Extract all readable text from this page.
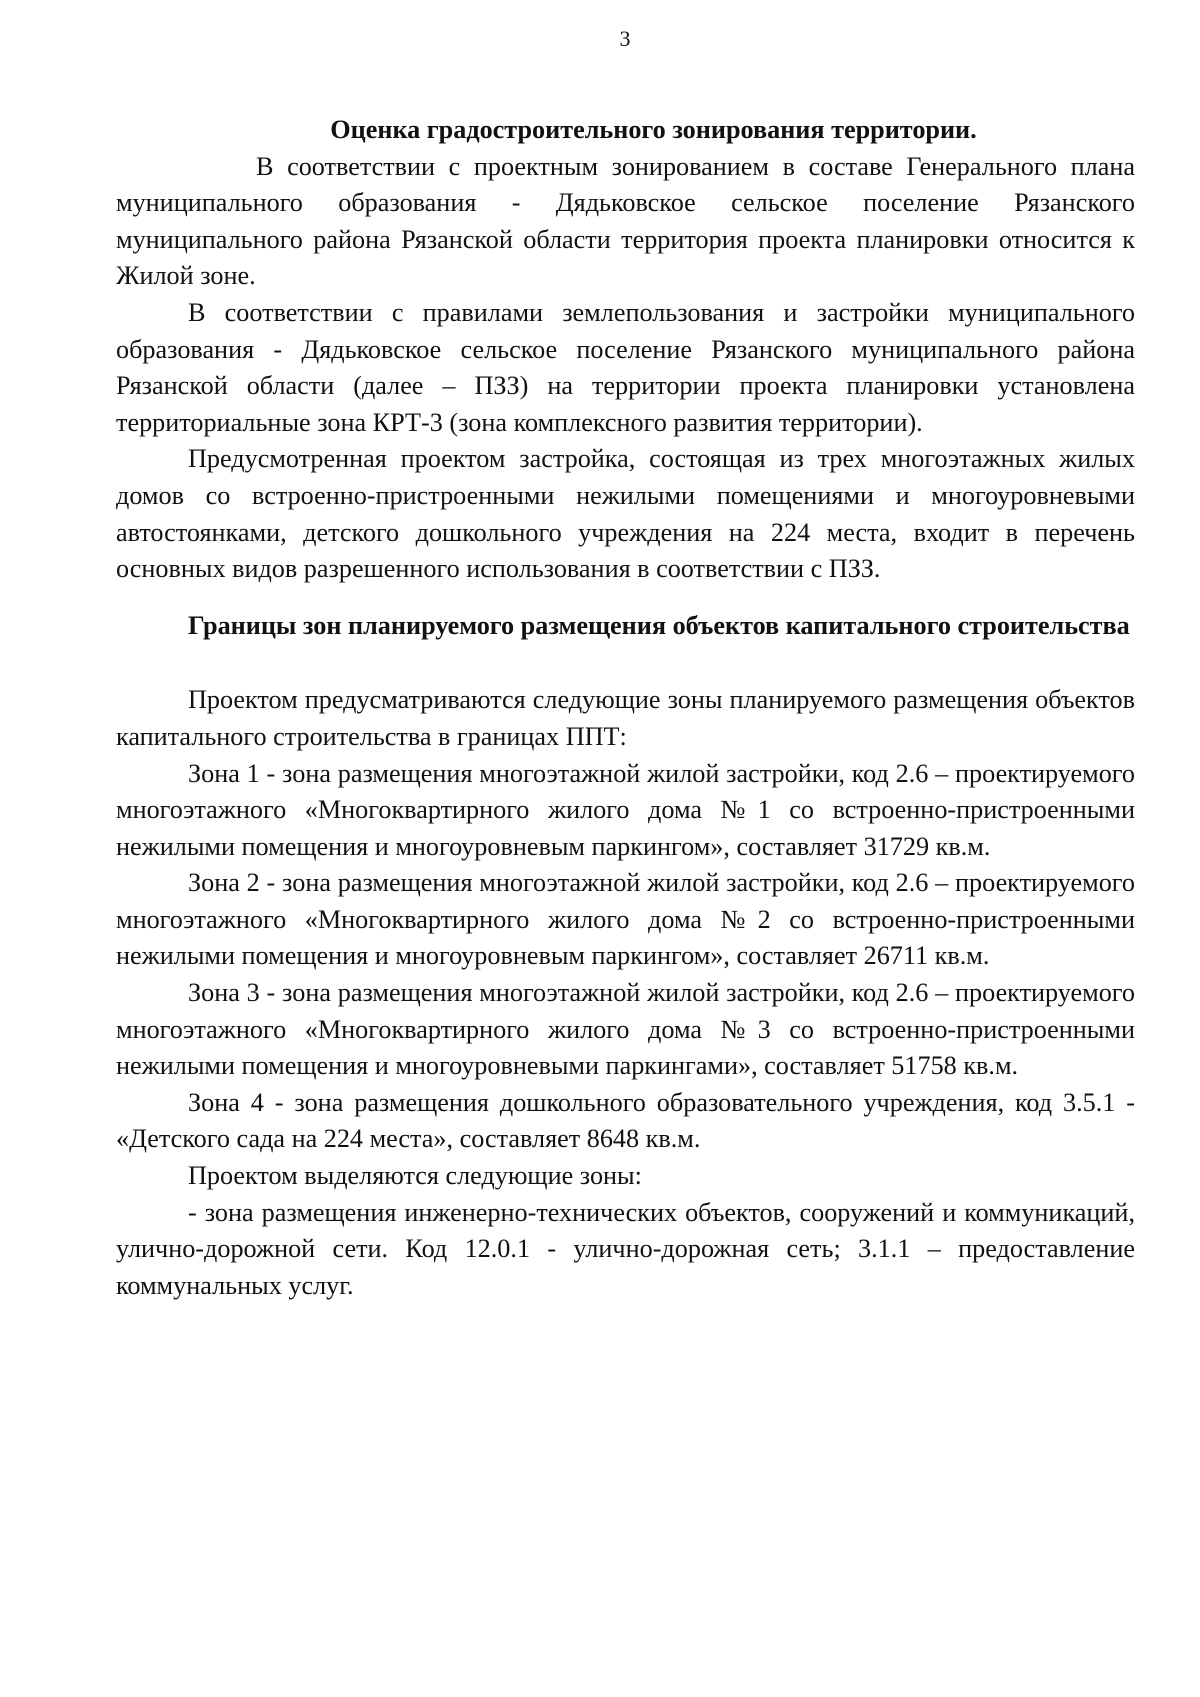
3

Оценка градостроительного зонирования территории.

В соответствии с проектным зонированием в составе Генерального плана муниципального образования - Дядьковское сельское поселение Рязанского муниципального района Рязанской области территория проекта планировки относится к Жилой зоне.

В соответствии с правилами землепользования и застройки муниципального образования - Дядьковское сельское поселение Рязанского муниципального района Рязанской области (далее – ПЗЗ) на территории проекта планировки установлена территориальные зона КРТ-3 (зона комплексного развития территории).

Предусмотренная проектом застройка, состоящая из трех многоэтажных жилых домов со встроенно-пристроенными нежилыми помещениями и многоуровневыми автостоянками, детского дошкольного учреждения на 224 места, входит в перечень основных видов разрешенного использования в соответствии с ПЗЗ.

Границы зон планируемого размещения объектов капитального строительства

Проектом предусматриваются следующие зоны планируемого размещения объектов капитального строительства в границах ППТ:

Зона 1 - зона размещения многоэтажной жилой застройки, код 2.6 – проектируемого многоэтажного «Многоквартирного жилого дома №1 со встроенно-пристроенными нежилыми помещения и многоуровневым паркингом», составляет 31729 кв.м.

Зона 2 - зона размещения многоэтажной жилой застройки, код 2.6 – проектируемого многоэтажного «Многоквартирного жилого дома №2 со встроенно-пристроенными нежилыми помещения и многоуровневым паркингом», составляет 26711 кв.м.

Зона 3 - зона размещения многоэтажной жилой застройки, код 2.6 – проектируемого многоэтажного «Многоквартирного жилого дома №3 со встроенно-пристроенными нежилыми помещения и многоуровневыми паркингами», составляет 51758 кв.м.

Зона 4 - зона размещения дошкольного образовательного учреждения, код 3.5.1 - «Детского сада на 224 места», составляет 8648 кв.м.

Проектом выделяются следующие зоны:

- зона размещения инженерно-технических объектов, сооружений и коммуникаций, улично-дорожной сети. Код 12.0.1 - улично-дорожная сеть; 3.1.1 – предоставление коммунальных услуг.
